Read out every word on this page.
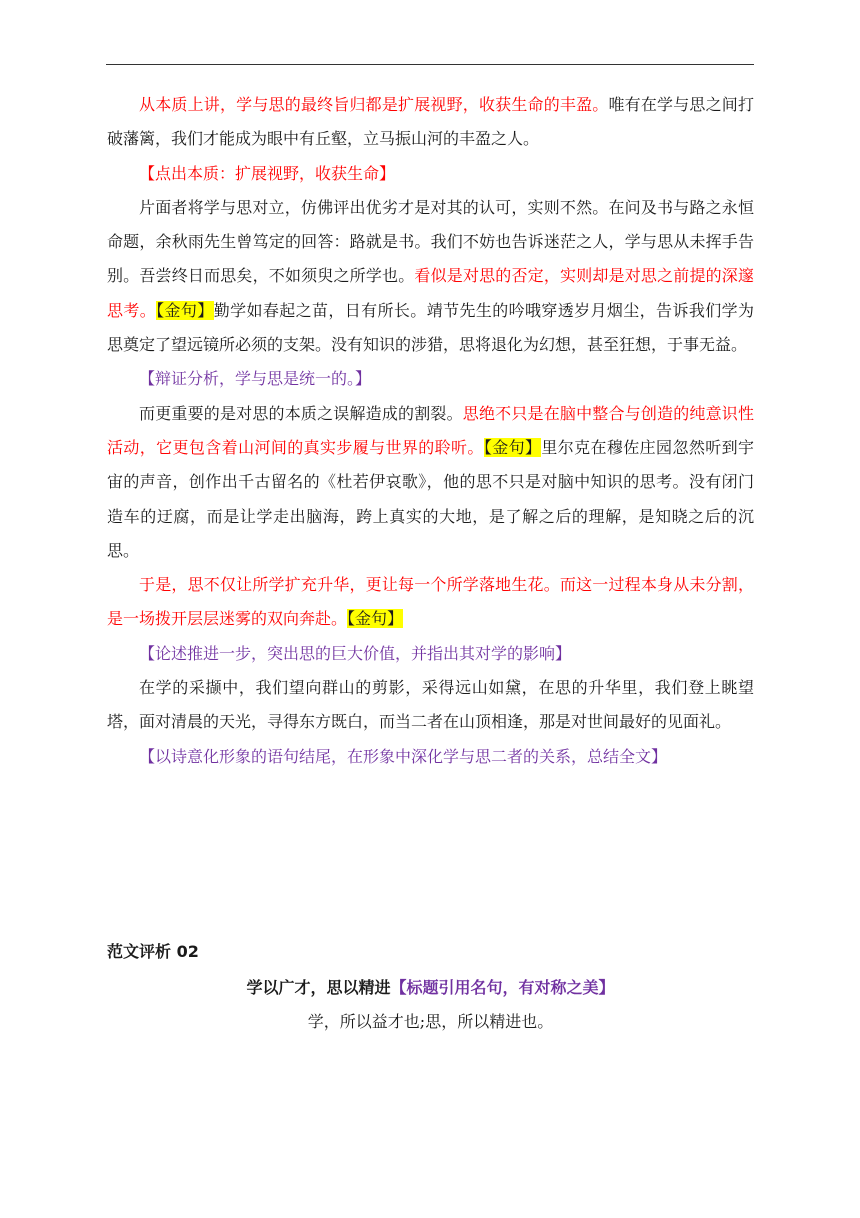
从本质上讲，学与思的最终旨归都是扩展视野，收获生命的丰盈。唯有在学与思之间打破藩篱，我们才能成为眼中有丘壑，立马振山河的丰盈之人。

【点出本质：扩展视野，收获生命】

片面者将学与思对立，仿佛评出优劣才是对其的认可，实则不然。在问及书与路之永恒命题，余秋雨先生曾笃定的回答：路就是书。我们不妨也告诉迷茫之人，学与思从未挥手告别。吾尝终日而思矣，不如须臾之所学也。看似是对思的否定，实则却是对思之前提的深邃思考。【金句】勤学如春起之苗，日有所长。靖节先生的吟哦穿透岁月烟尘，告诉我们学为思奠定了望远镜所必须的支架。没有知识的涉猎，思将退化为幻想，甚至狂想，于事无益。

【辩证分析，学与思是统一的。】

而更重要的是对思的本质之误解造成的割裂。思绝不只是在脑中整合与创造的纯意识性活动，它更包含着山河间的真实步履与世界的聆听。【金句】里尔克在穆佐庄园忽然听到宇宙的声音，创作出千古留名的《杜若伊哀歌》，他的思不只是对脑中知识的思考。没有闭门造车的迂腐，而是让学走出脑海，跨上真实的大地，是了解之后的理解，是知晓之后的沉思。

于是，思不仅让所学扩充升华，更让每一个所学落地生花。而这一过程本身从未分割，是一场拨开层层迷雾的双向奔赴。【金句】

【论述推进一步，突出思的巨大价值，并指出其对学的影响】

在学的采撷中，我们望向群山的剪影，采得远山如黛，在思的升华里，我们登上眺望塔，面对清晨的天光，寻得东方既白，而当二者在山顶相逢，那是对世间最好的见面礼。

【以诗意化形象的语句结尾，在形象中深化学与思二者的关系，总结全文】

范文评析 02

学以广才，思以精进【标题引用名句，有对称之美】

学，所以益才也;思，所以精进也。
